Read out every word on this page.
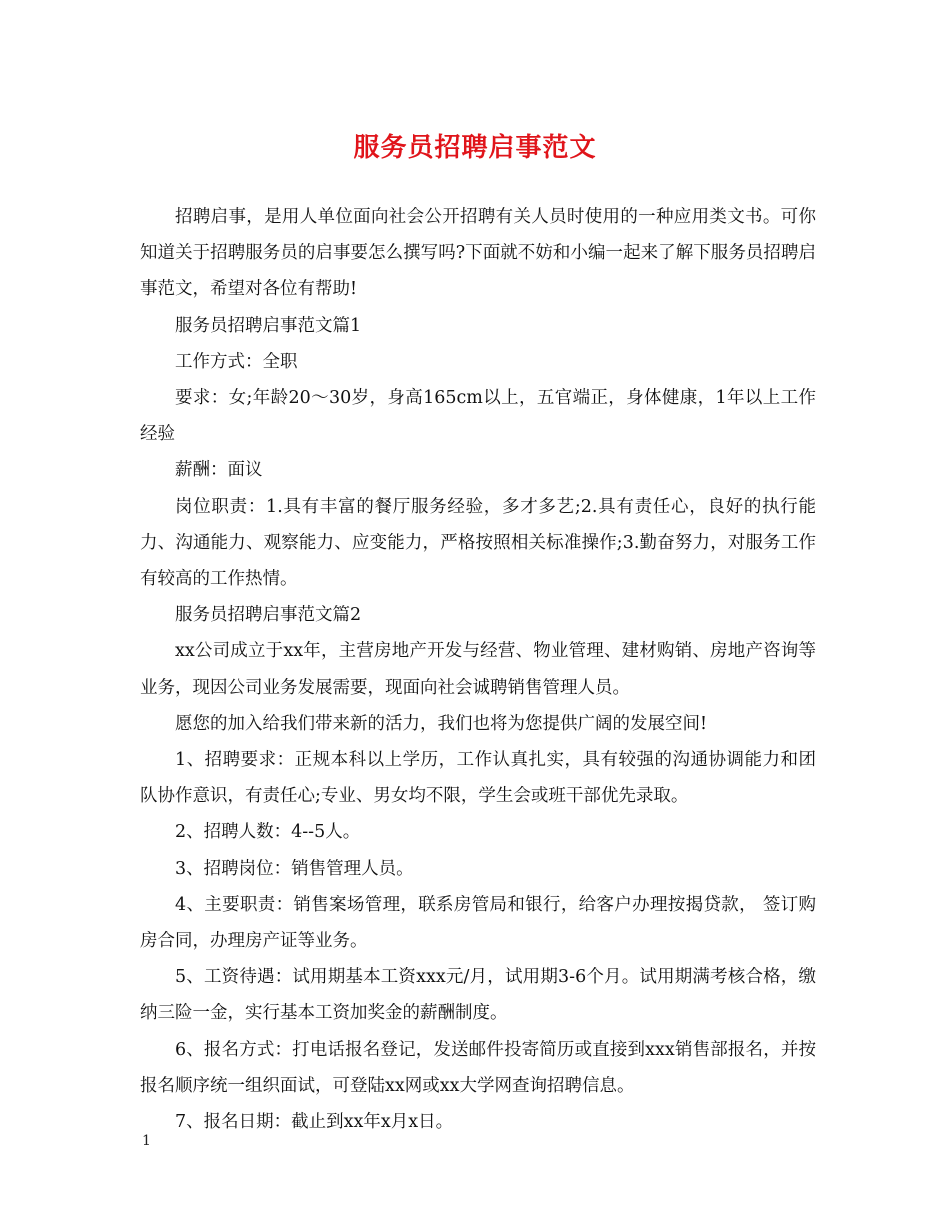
服务员招聘启事范文

招聘启事，是用人单位面向社会公开招聘有关人员时使用的一种应用类文书。可你知道关于招聘服务员的启事要怎么撰写吗?下面就不妨和小编一起来了解下服务员招聘启事范文，希望对各位有帮助!

服务员招聘启事范文篇1

工作方式：全职

要求：女;年龄20～30岁，身高165cm以上，五官端正，身体健康，1年以上工作经验

薪酬：面议

岗位职责：1.具有丰富的餐厅服务经验，多才多艺;2.具有责任心，良好的执行能力、沟通能力、观察能力、应变能力，严格按照相关标准操作;3.勤奋努力，对服务工作有较高的工作热情。

服务员招聘启事范文篇2

xx公司成立于xx年，主营房地产开发与经营、物业管理、建材购销、房地产咨询等业务，现因公司业务发展需要，现面向社会诚聘销售管理人员。

愿您的加入给我们带来新的活力，我们也将为您提供广阔的发展空间!

1、招聘要求：正规本科以上学历，工作认真扎实，具有较强的沟通协调能力和团队协作意识，有责任心;专业、男女均不限，学生会或班干部优先录取。

2、招聘人数：4--5人。

3、招聘岗位：销售管理人员。

4、主要职责：销售案场管理，联系房管局和银行，给客户办理按揭贷款， 签订购房合同，办理房产证等业务。

5、工资待遇：试用期基本工资xxx元/月，试用期3-6个月。试用期满考核合格，缴纳三险一金，实行基本工资加奖金的薪酬制度。

6、报名方式：打电话报名登记，发送邮件投寄简历或直接到xxx销售部报名，并按报名顺序统一组织面试，可登陆xx网或xx大学网查询招聘信息。

7、报名日期：截止到xx年x月x日。

1
